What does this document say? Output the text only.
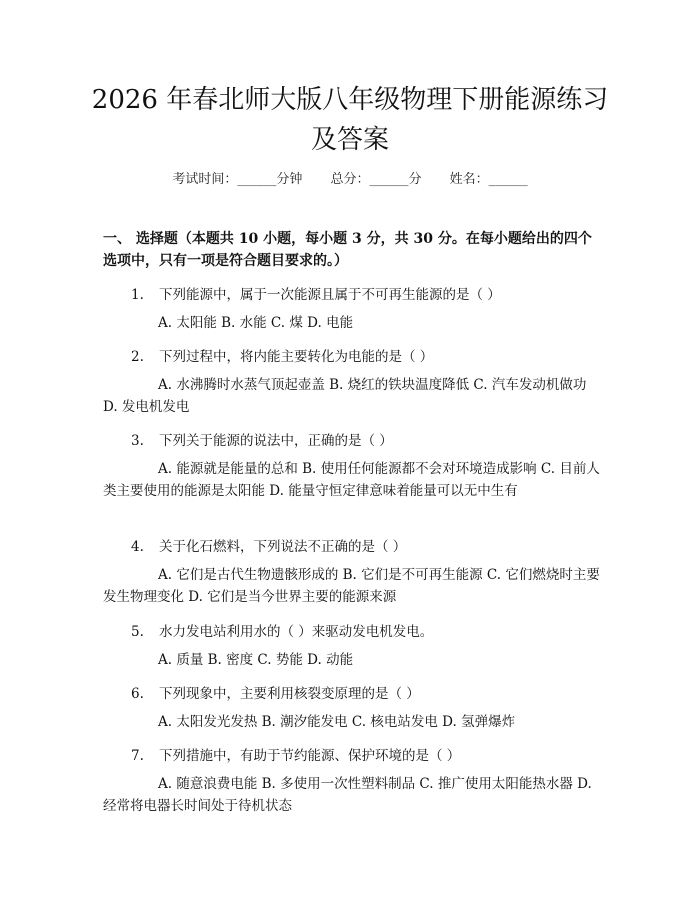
2026 年春北师大版八年级物理下册能源练习
及答案
考试时间：______分钟 总分：______分 姓名：______
一、 选择题（本题共 10 小题，每小题 3 分，共 30 分。在每小题给出的四个选项中，只有一项是符合题目要求的。）
1. 下列能源中，属于一次能源且属于不可再生能源的是（ ）
A. 太阳能 B. 水能 C. 煤 D. 电能
2. 下列过程中，将内能主要转化为电能的是（ ）
A. 水沸腾时水蒸气顶起壶盖 B. 烧红的铁块温度降低 C. 汽车发动机做功 D. 发电机发电
3. 下列关于能源的说法中，正确的是（ ）
A. 能源就是能量的总和 B. 使用任何能源都不会对环境造成影响 C. 目前人类主要使用的能源是太阳能 D. 能量守恒定律意味着能量可以无中生有
4. 关于化石燃料，下列说法不正确的是（ ）
A. 它们是古代生物遗骸形成的 B. 它们是不可再生能源 C. 它们燃烧时主要发生物理变化 D. 它们是当今世界主要的能源来源
5. 水力发电站利用水的（ ）来驱动发电机发电。
A. 质量 B. 密度 C. 势能 D. 动能
6. 下列现象中，主要利用核裂变原理的是（ ）
A. 太阳发光发热 B. 潮汐能发电 C. 核电站发电 D. 氢弹爆炸
7. 下列措施中，有助于节约能源、保护环境的是（ ）
A. 随意浪费电能 B. 多使用一次性塑料制品 C. 推广使用太阳能热水器 D. 经常将电器长时间处于待机状态
